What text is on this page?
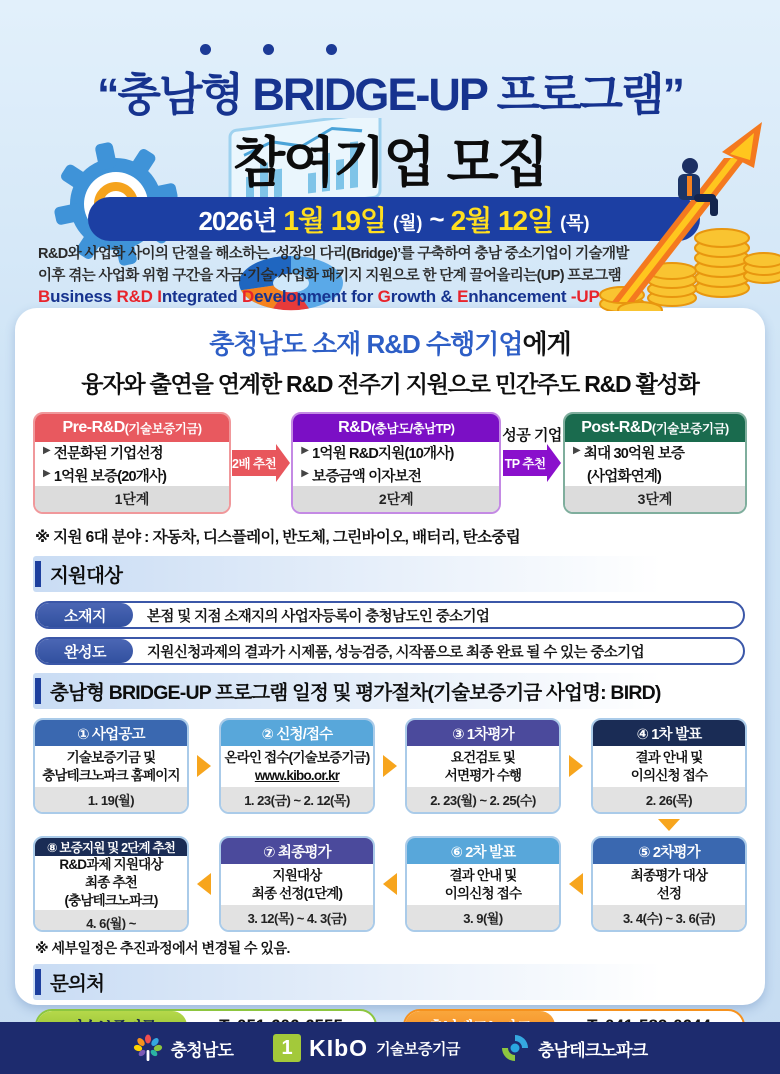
“충남형 BRIDGE-UP 프로그램”
참여기업 모집
2026년 1월 19일 (월) ~ 2월 12일 (목)
R&D와 사업화 사이의 단절을 해소하는 ‘성장의 다리(Bridge)’를 구축하여 충남 중소기업이 기술개발
이후 겪는 사업화 위험 구간을 자금·기술·사업화 패키지 지원으로 한 단계 끌어올리는(UP) 프로그램
Business R&D Integrated Development for Growth & Enhancement -UP
충청남도 소재 R&D 수행기업에게
융자와 출연을 연계한 R&D 전주기 지원으로 민간주도 R&D 활성화
Pre-R&D (기술보증기금)
▶ 전문화된 기업선정
▶ 1억원 보증(20개사)
1단계
2배 추천
R&D (충남도/충남TP)
▶ 1억원 R&D지원(10개사)
▶ 보증금액 이자보전
2단계
성공 기업
TP 추천
Post-R&D (기술보증기금)
▶ 최대 30억원 보증
(사업화연계)
3단계
※ 지원 6대 분야 : 자동차, 디스플레이, 반도체, 그린바이오, 배터리, 탄소중립
지원대상
소재지	본점 및 지점 소재지의 사업자등록이 충청남도인 중소기업
완성도	지원신청과제의 결과가 시제품, 성능검증, 시작품으로 최종 완료 될 수 있는 중소기업
충남형 BRIDGE-UP 프로그램 일정 및 평가절차(기술보증기금 사업명: BIRD)
① 사업공고
기술보증기금 및
충남테크노파크 홈페이지
1. 19(월)
② 신청/접수
온라인 접수(기술보증기금)
www.kibo.or.kr
1. 23(금) ~ 2. 12(목)
③ 1차평가
요건검토 및
서면평가 수행
2. 23(월) ~ 2. 25(수)
④ 1차 발표
결과 안내 및
이의신청 접수
2. 26(목)
⑧ 보증지원 및 2단계 추천
R&D과제 지원대상
최종 추천
(충남테크노파크)
4. 6(월) ~
⑦ 최종평가
지원대상
최종 선정(1단계)
3. 12(목) ~ 4. 3(금)
⑥ 2차 발표
결과 안내 및
이의신청 접수
3. 9(월)
⑤ 2차평가
최종평가 대상
선정
3. 4(수) ~ 3. 6(금)
※ 세부일정은 추진과정에서 변경될 수 있음.
문의처
충청남도	1 KIbO 기술보증기금	충남테크노파크
